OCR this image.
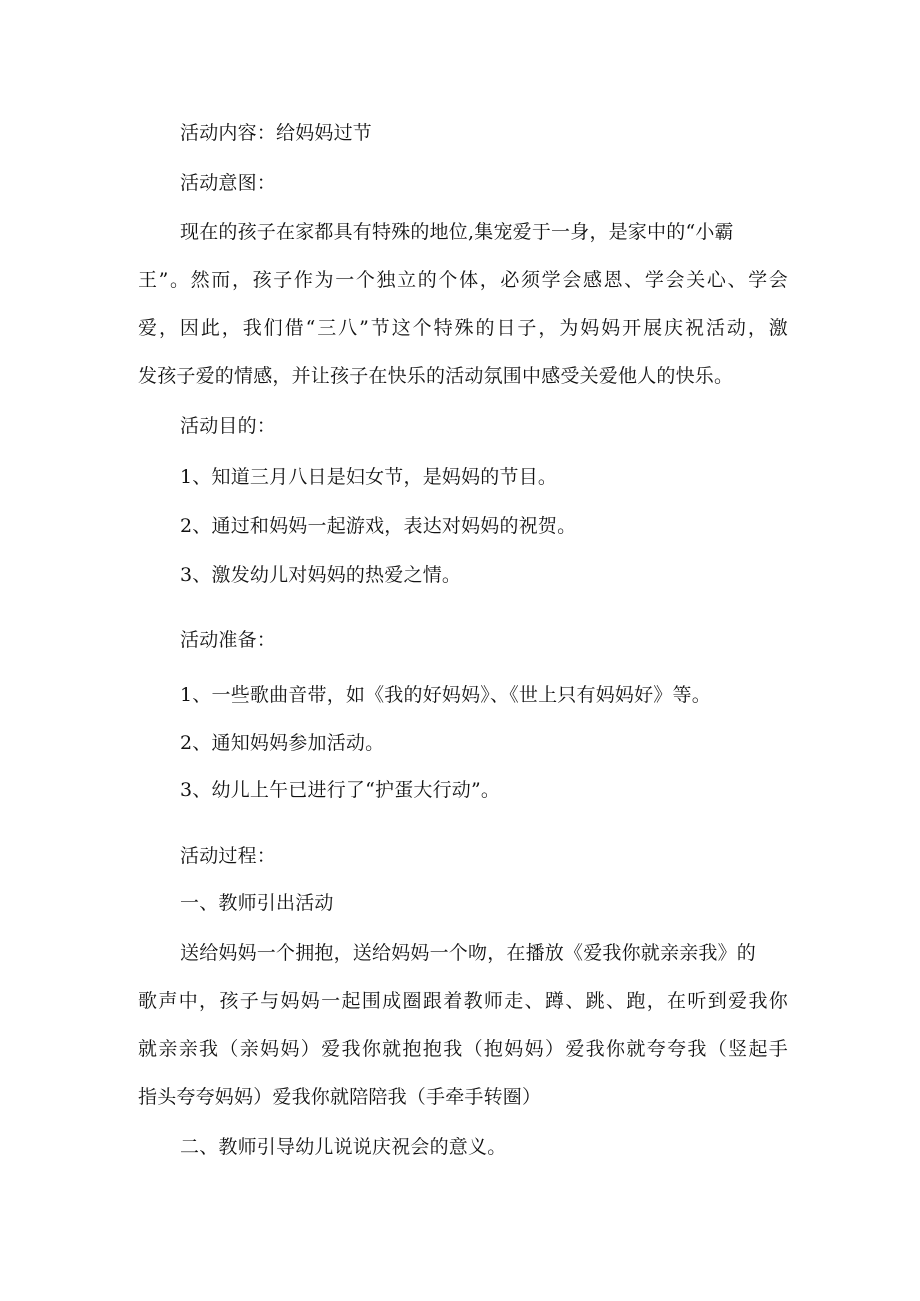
活动内容：给妈妈过节
活动意图：
现在的孩子在家都具有特殊的地位,集宠爱于一身，是家中的“小霸
王”。然而，孩子作为一个独立的个体，必须学会感恩、学会关心、学会
爱，因此，我们借“三八”节这个特殊的日子，为妈妈开展庆祝活动，激
发孩子爱的情感，并让孩子在快乐的活动氛围中感受关爱他人的快乐。
活动目的：
1、知道三月八日是妇女节，是妈妈的节目。
2、通过和妈妈一起游戏，表达对妈妈的祝贺。
3、激发幼儿对妈妈的热爱之情。
活动准备：
1、一些歌曲音带，如《我的好妈妈》、《世上只有妈妈好》等。
2、通知妈妈参加活动。
3、幼儿上午已进行了“护蛋大行动”。
活动过程：
一、教师引出活动
送给妈妈一个拥抱，送给妈妈一个吻，在播放《爱我你就亲亲我》的
歌声中，孩子与妈妈一起围成圈跟着教师走、蹲、跳、跑，在听到爱我你
就亲亲我（亲妈妈）爱我你就抱抱我（抱妈妈）爱我你就夸夸我（竖起手
指头夸夸妈妈）爱我你就陪陪我（手牵手转圈）
二、教师引导幼儿说说庆祝会的意义。
